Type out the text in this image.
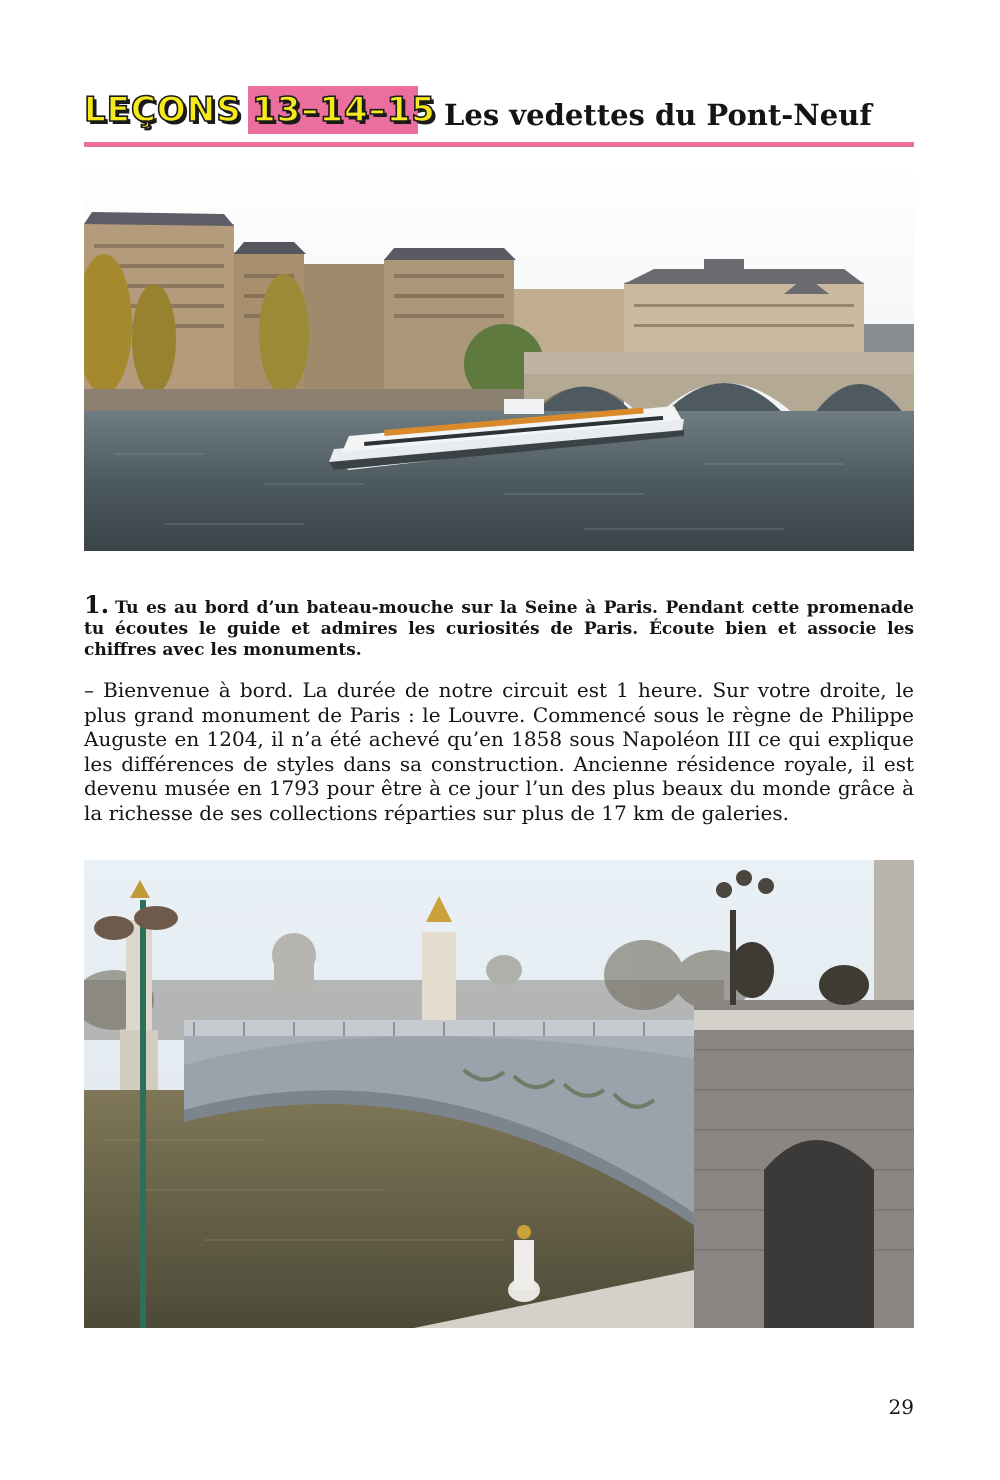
LEÇONS 13–14–15 Les vedettes du Pont-Neuf
1. Tu es au bord d’un bateau-mouche sur la Seine à Paris. Pendant cette promenade tu écoutes le guide et admires les curiosités de Paris. Écoute bien et associe les chiffres avec les monuments.
– Bienvenue à bord. La durée de notre circuit est 1 heure. Sur votre droite, le plus grand monument de Paris : le Louvre. Commencé sous le règne de Philippe Auguste en 1204, il n’a été achevé qu’en 1858 sous Napoléon III ce qui explique les différences de styles dans sa construction. Ancienne résidence royale, il est devenu musée en 1793 pour être à ce jour l’un des plus beaux du monde grâce à la richesse de ses collections réparties sur plus de 17 km de galeries.
29
